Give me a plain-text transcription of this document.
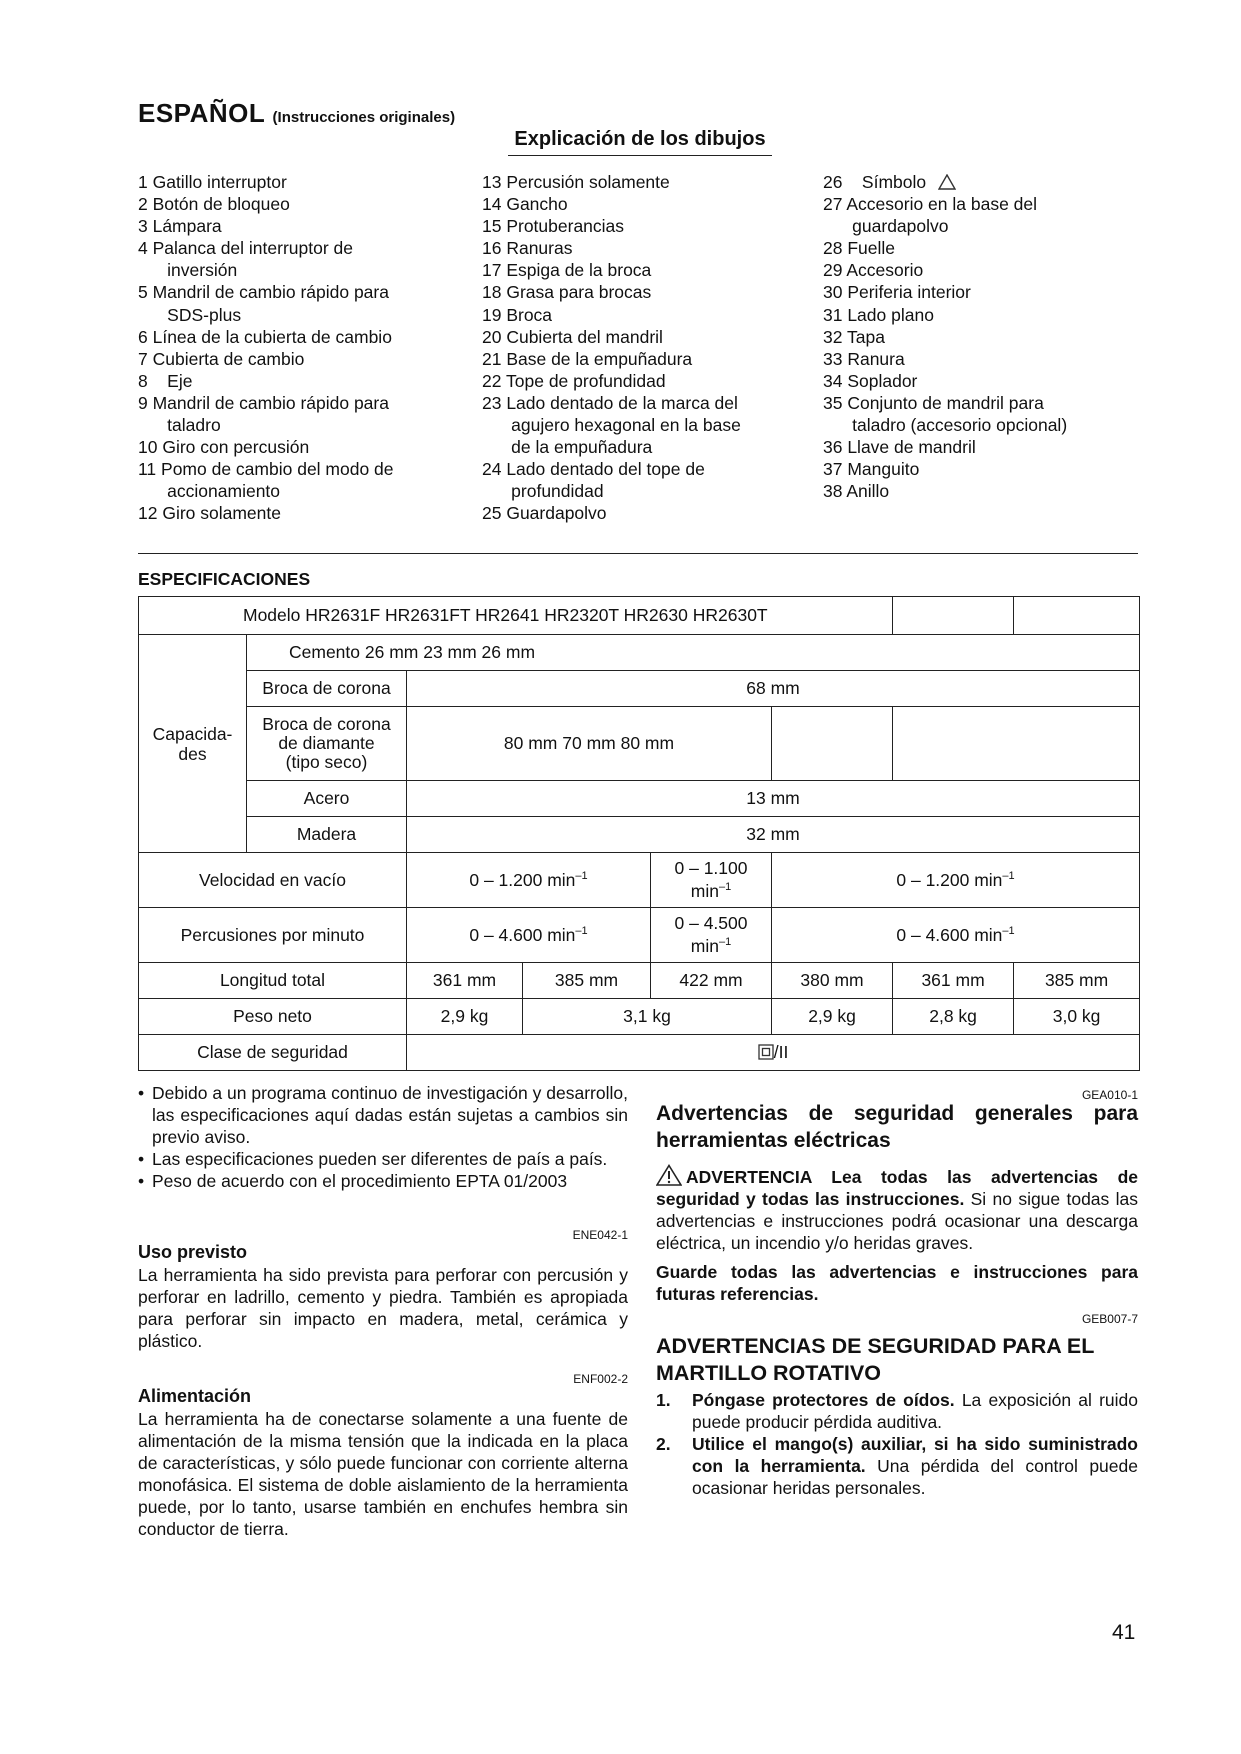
ESPAÑOL (Instrucciones originales)
Explicación de los dibujos
1 Gatillo interruptor
2 Botón de bloqueo
3 Lámpara
4 Palanca del interruptor de
inversión
5 Mandril de cambio rápido para
SDS-plus
6 Línea de la cubierta de cambio
7 Cubierta de cambio
8    Eje
9 Mandril de cambio rápido para
taladro
10 Giro con percusión
11 Pomo de cambio del modo de
accionamiento
12 Giro solamente
13 Percusión solamente
14 Gancho
15 Protuberancias
16 Ranuras
17 Espiga de la broca
18 Grasa para brocas
19 Broca
20 Cubierta del mandril
21 Base de la empuñadura
22 Tope de profundidad
23 Lado dentado de la marca del
agujero hexagonal en la base
de la empuñadura
24 Lado dentado del tope de
profundidad
25 Guardapolvo
26    Símbolo
27 Accesorio en la base del
guardapolvo
28 Fuelle
29 Accesorio
30 Periferia interior
31 Lado plano
32 Tapa
33 Ranura
34 Soplador
35 Conjunto de mandril para
taladro (accesorio opcional)
36 Llave de mandril
37 Manguito
38 Anillo
ESPECIFICACIONES
Modelo HR2631F HR2631FT HR2641 HR2320T HR2630 HR2630T							
Capacida-
des	Cemento 26 mm 23 mm 26 mm						
	Broca de corona	68 mm					
	Broca de corona
de diamante
(tipo seco)	80 mm 70 mm 80 mm					
	Acero	13 mm					
	Madera	32 mm					
Velocidad en vacío		0 – 1.200 $\min^{-1}$		0 – 1.100
$\min^{-1}$	0 – 1.200 $\min^{-1}$
Percusiones por minuto		0 – 4.600 $\min^{-1}$		0 – 4.500
$\min^{-1}$	0 – 4.600 $\min^{-1}$
Longitud total		361 mm	385 mm	422 mm	380 mm	361 mm	385 mm
Peso neto		2,9 kg	3,1 kg		2,9 kg	2,8 kg	3,0 kg
Clase de seguridad		/II					
• Debido a un programa continuo de investigación y desarrollo, las especificaciones aquí dadas están sujetas a cambios sin previo aviso.
• Las especificaciones pueden ser diferentes de país a país.
• Peso de acuerdo con el procedimiento EPTA 01/2003
ENE042-1
Uso previsto
La herramienta ha sido prevista para perforar con percusión y perforar en ladrillo, cemento y piedra. También es apropiada para perforar sin impacto en madera, metal, cerámica y plástico.
ENF002-2
Alimentación
La herramienta ha de conectarse solamente a una fuente de alimentación de la misma tensión que la indicada en la placa de características, y sólo puede funcionar con corriente alterna monofásica. El sistema de doble aislamiento de la herramienta puede, por lo tanto, usarse también en enchufes hembra sin conductor de tierra.
GEA010-1
Advertencias de seguridad generales para herramientas eléctricas
ADVERTENCIA Lea todas las advertencias de seguridad y todas las instrucciones. Si no sigue todas las advertencias e instrucciones podrá ocasionar una descarga eléctrica, un incendio y/o heridas graves.
Guarde todas las advertencias e instrucciones para futuras referencias.
GEB007-7
ADVERTENCIAS DE SEGURIDAD PARA EL MARTILLO ROTATIVO
1. Póngase protectores de oídos. La exposición al ruido puede producir pérdida auditiva.
2. Utilice el mango(s) auxiliar, si ha sido suministrado con la herramienta. Una pérdida del control puede ocasionar heridas personales.
41
